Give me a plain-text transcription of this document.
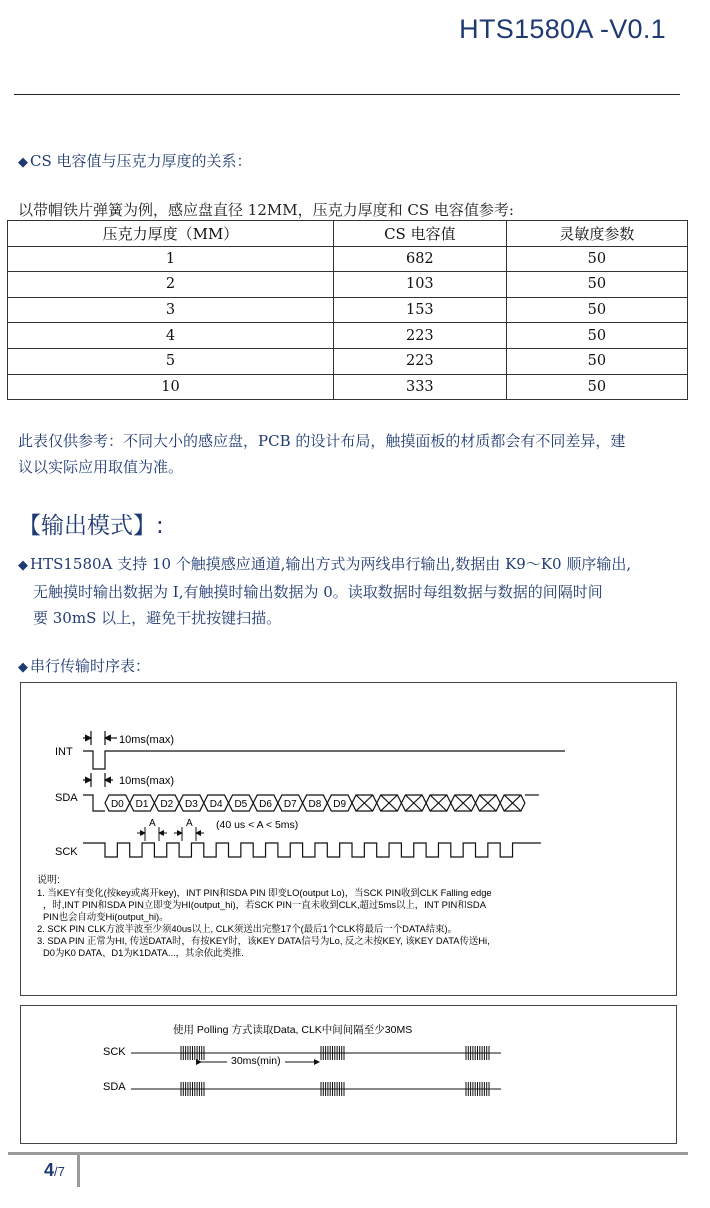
HTS1580A -V0.1
◆ CS 电容值与压克力厚度的关系：
以带帽铁片弹簧为例，感应盘直径 12MM，压克力厚度和 CS 电容值参考:
压克力厚度（MM）	CS 电容值	灵敏度参数
1	682	50
2	103	50
3	153	50
4	223	50
5	223	50
10	333	50
此表仅供参考：不同大小的感应盘，PCB 的设计布局，触摸面板的材质都会有不同差异，建
议以实际应用取值为准。
【输出模式】:
◆ HTS1580A 支持 10 个触摸感应通道,输出方式为两线串行输出,数据由 K9～K0 顺序输出,
无触摸时输出数据为 I,有触摸时输出数据为 0。读取数据时每组数据与数据的间隔时间
要 30mS 以上，避免干扰按键扫描。
◆ 串行传输时序表：
INT
10ms(max)
SDA
10ms(max)
A	A (40 us < A < 5ms)
SCK
D0 D1 D2 D3 D4 D5 D6 D7 D8 D9
说明:
1. 当KEY有变化(按key或离开key)，INT PIN和SDA PIN 即变LO(output Lo)，当SCK PIN收到CLK Falling edge
，时,INT PIN和SDA PIN立即变为HI(output_hi)，若SCK PIN一直未收到CLK,超过5ms以上，INT PIN和SDA
PIN也会自动变Hi(output_hi)。
2. SCK PIN CLK方波半波至少须40us以上, CLK须送出完整17个(最后1个CLK将最后一个DATA结束)。
3. SDA PIN 正常为HI, 传送DATA时，有按KEY时，该KEY DATA信号为Lo, 反之未按KEY, 该KEY DATA传送Hi,
D0为K0 DATA、D1为K1DATA...，其余依此类推.
使用 Polling 方式读取Data, CLK中间间隔至少30MS
SCK
SDA
30ms(min)
4/7
